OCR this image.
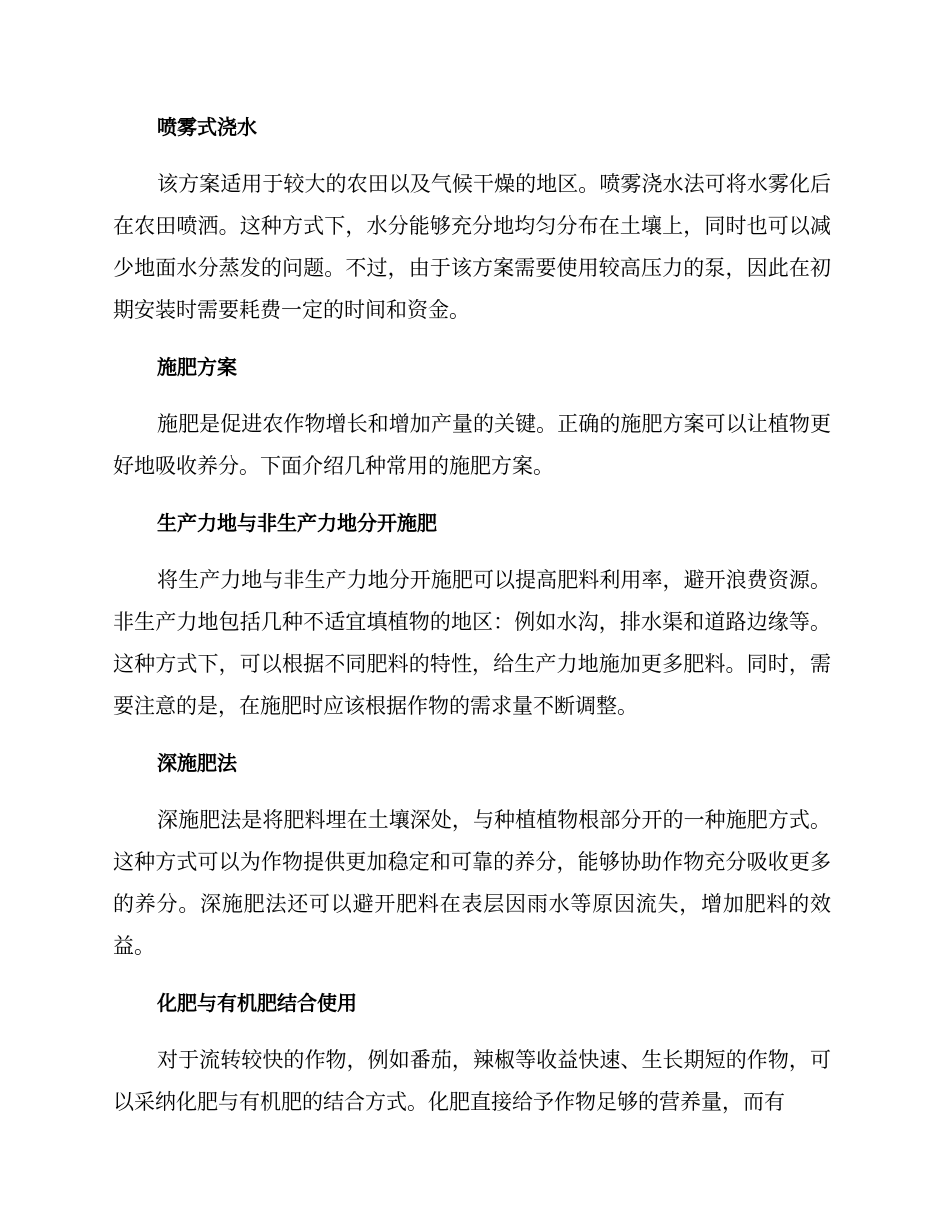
喷雾式浇水

该方案适用于较大的农田以及气候干燥的地区。喷雾浇水法可将水雾化后在农田喷洒。这种方式下，水分能够充分地均匀分布在土壤上，同时也可以减少地面水分蒸发的问题。不过，由于该方案需要使用较高压力的泵，因此在初期安装时需要耗费一定的时间和资金。

施肥方案

施肥是促进农作物增长和增加产量的关键。正确的施肥方案可以让植物更好地吸收养分。下面介绍几种常用的施肥方案。

生产力地与非生产力地分开施肥

将生产力地与非生产力地分开施肥可以提高肥料利用率，避开浪费资源。非生产力地包括几种不适宜填植物的地区：例如水沟，排水渠和道路边缘等。这种方式下，可以根据不同肥料的特性，给生产力地施加更多肥料。同时，需要注意的是，在施肥时应该根据作物的需求量不断调整。

深施肥法

深施肥法是将肥料埋在土壤深处，与种植植物根部分开的一种施肥方式。这种方式可以为作物提供更加稳定和可靠的养分，能够协助作物充分吸收更多的养分。深施肥法还可以避开肥料在表层因雨水等原因流失，增加肥料的效益。

化肥与有机肥结合使用

对于流转较快的作物，例如番茄，辣椒等收益快速、生长期短的作物，可以采纳化肥与有机肥的结合方式。化肥直接给予作物足够的营养量，而有
